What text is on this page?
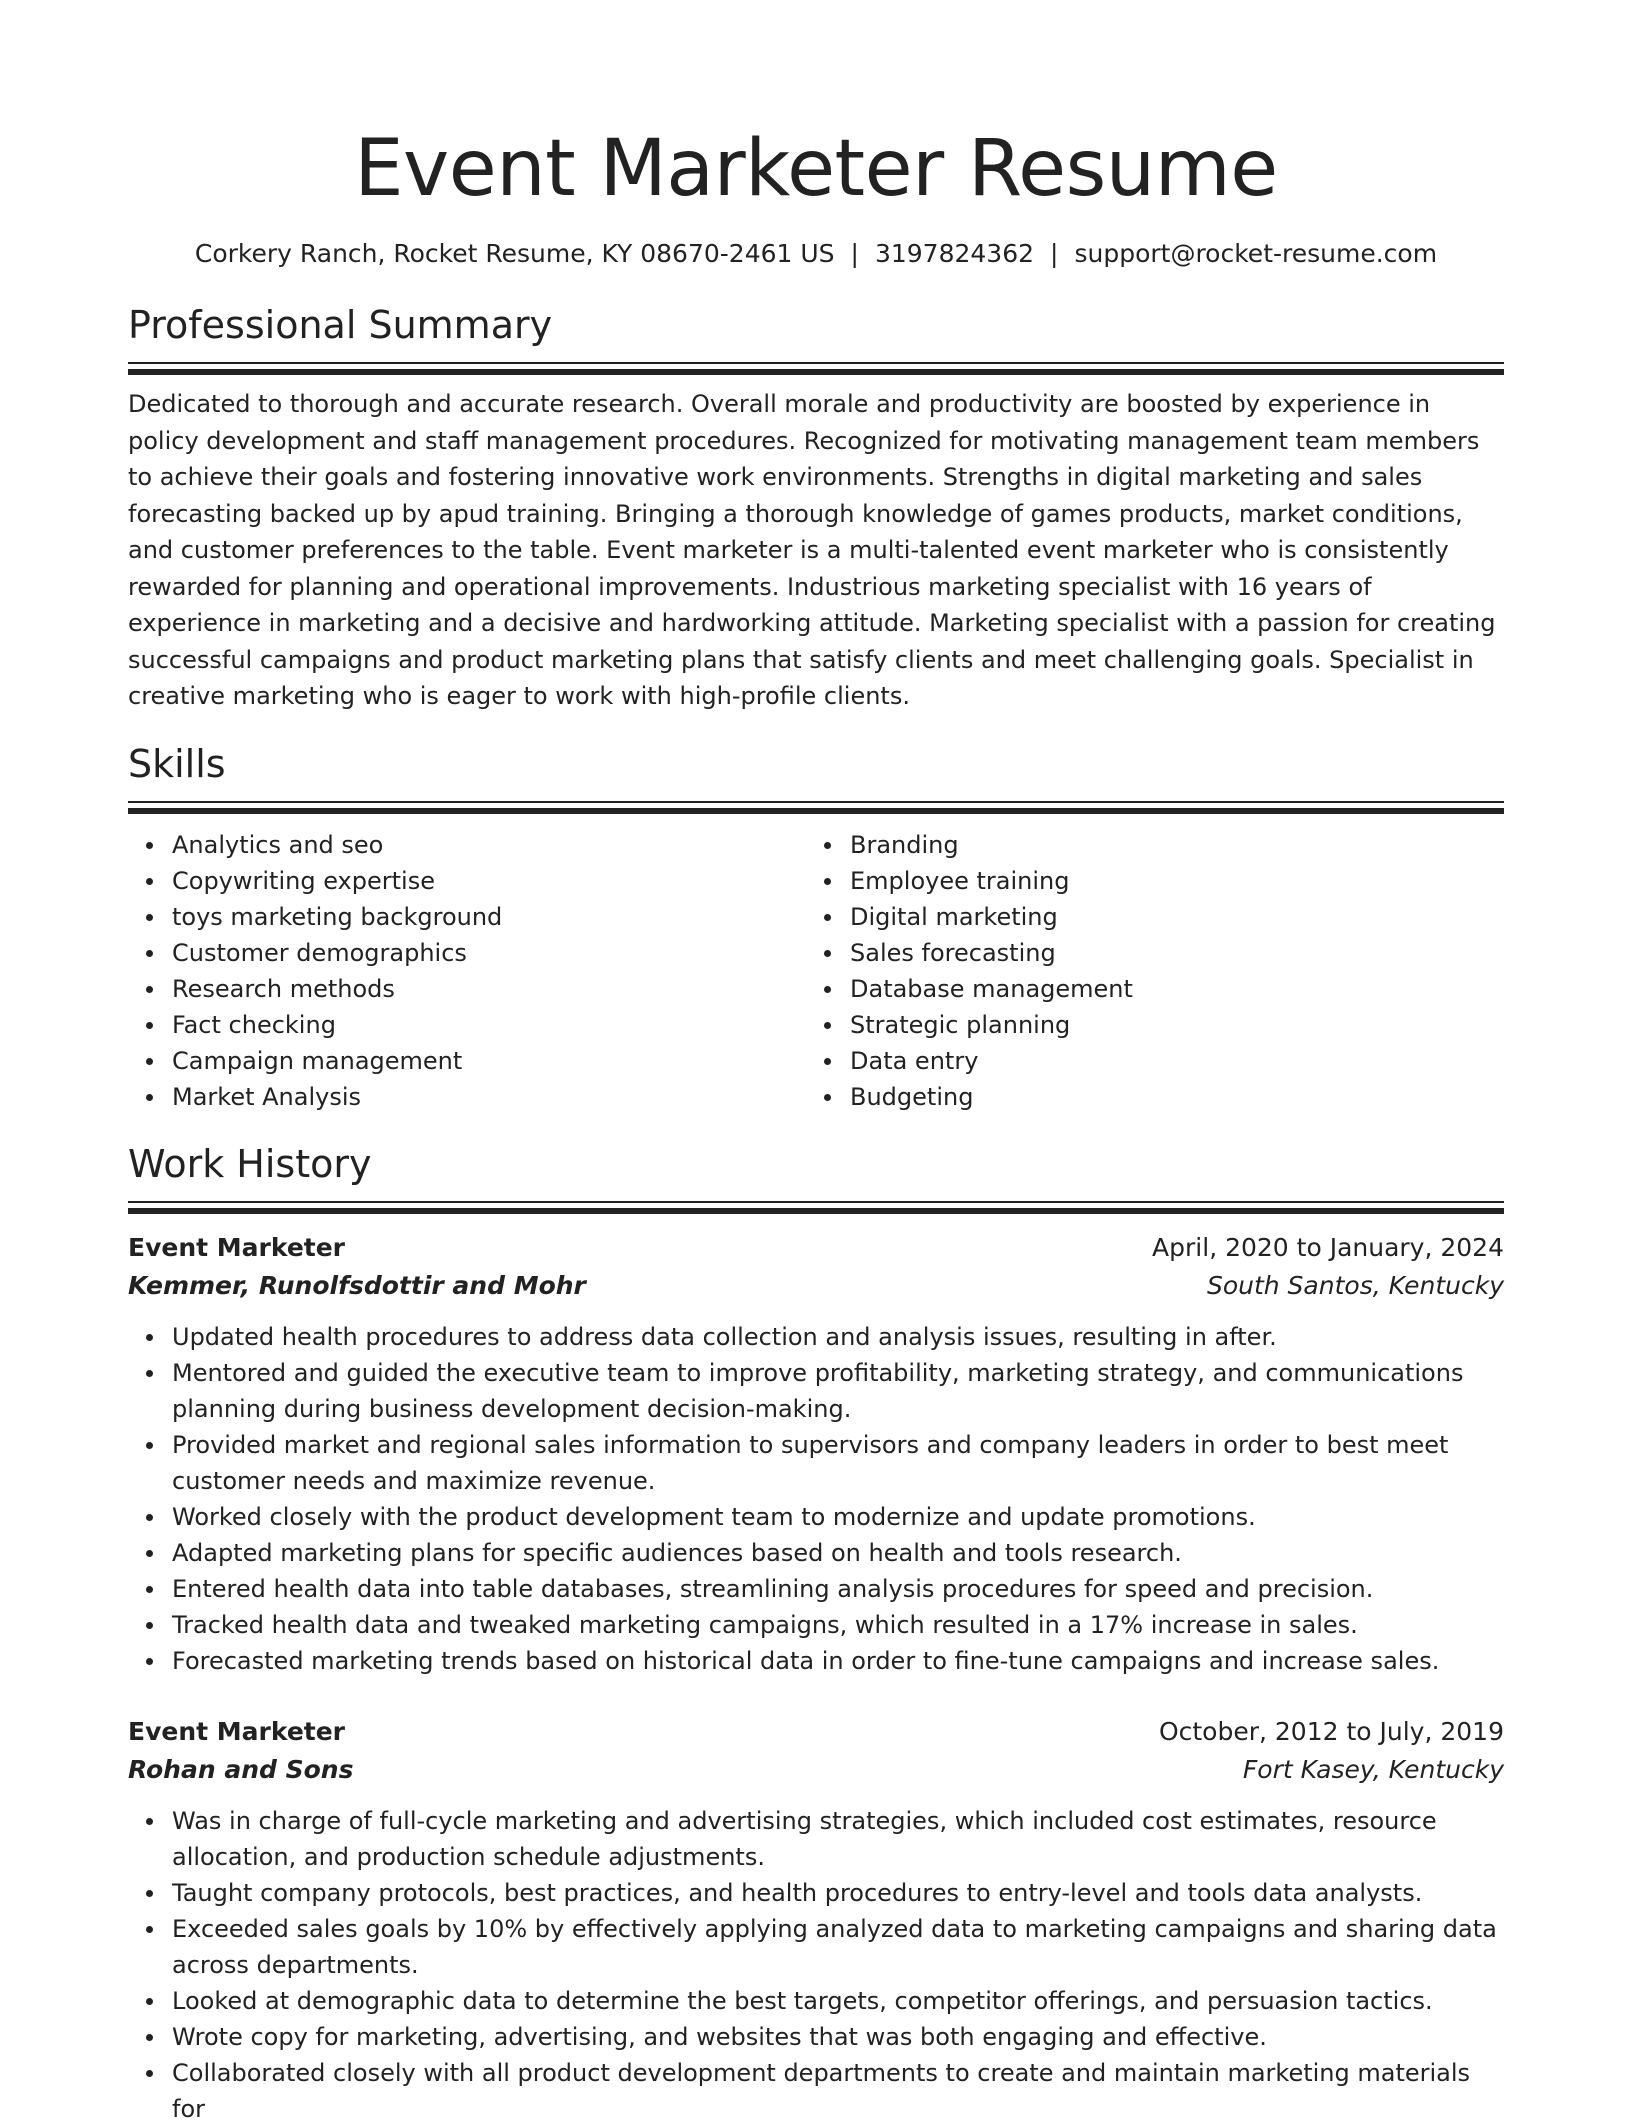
Event Marketer Resume
Corkery Ranch, Rocket Resume, KY 08670-2461 US | 3197824362 | support@rocket-resume.com
Professional Summary

Dedicated to thorough and accurate research. Overall morale and productivity are boosted by experience in policy development and staff management procedures. Recognized for motivating management team members to achieve their goals and fostering innovative work environments. Strengths in digital marketing and sales forecasting backed up by apud training. Bringing a thorough knowledge of games products, market conditions, and customer preferences to the table. Event marketer is a multi-talented event marketer who is consistently rewarded for planning and operational improvements. Industrious marketing specialist with 16 years of experience in marketing and a decisive and hardworking attitude. Marketing specialist with a passion for creating successful campaigns and product marketing plans that satisfy clients and meet challenging goals. Specialist in creative marketing who is eager to work with high-profile clients.

Skills
Analytics and seo
Copywriting expertise
toys marketing background
Customer demographics
Research methods
Fact checking
Campaign management
Market Analysis
Branding
Employee training
Digital marketing
Sales forecasting
Database management
Strategic planning
Data entry
Budgeting
Work History
Event Marketer	April, 2020 to January, 2024
Kemmer, Runolfsdottir and Mohr	South Santos, Kentucky
Updated health procedures to address data collection and analysis issues, resulting in after.
Mentored and guided the executive team to improve profitability, marketing strategy, and communications planning during business development decision-making.
Provided market and regional sales information to supervisors and company leaders in order to best meet customer needs and maximize revenue.
Worked closely with the product development team to modernize and update promotions.
Adapted marketing plans for specific audiences based on health and tools research.
Entered health data into table databases, streamlining analysis procedures for speed and precision.
Tracked health data and tweaked marketing campaigns, which resulted in a 17% increase in sales.
Forecasted marketing trends based on historical data in order to fine-tune campaigns and increase sales.
Event Marketer	October, 2012 to July, 2019
Rohan and Sons	Fort Kasey, Kentucky
Was in charge of full-cycle marketing and advertising strategies, which included cost estimates, resource allocation, and production schedule adjustments.
Taught company protocols, best practices, and health procedures to entry-level and tools data analysts.
Exceeded sales goals by 10% by effectively applying analyzed data to marketing campaigns and sharing data across departments.
Looked at demographic data to determine the best targets, competitor offerings, and persuasion tactics.
Wrote copy for marketing, advertising, and websites that was both engaging and effective.
Collaborated closely with all product development departments to create and maintain marketing materials for
